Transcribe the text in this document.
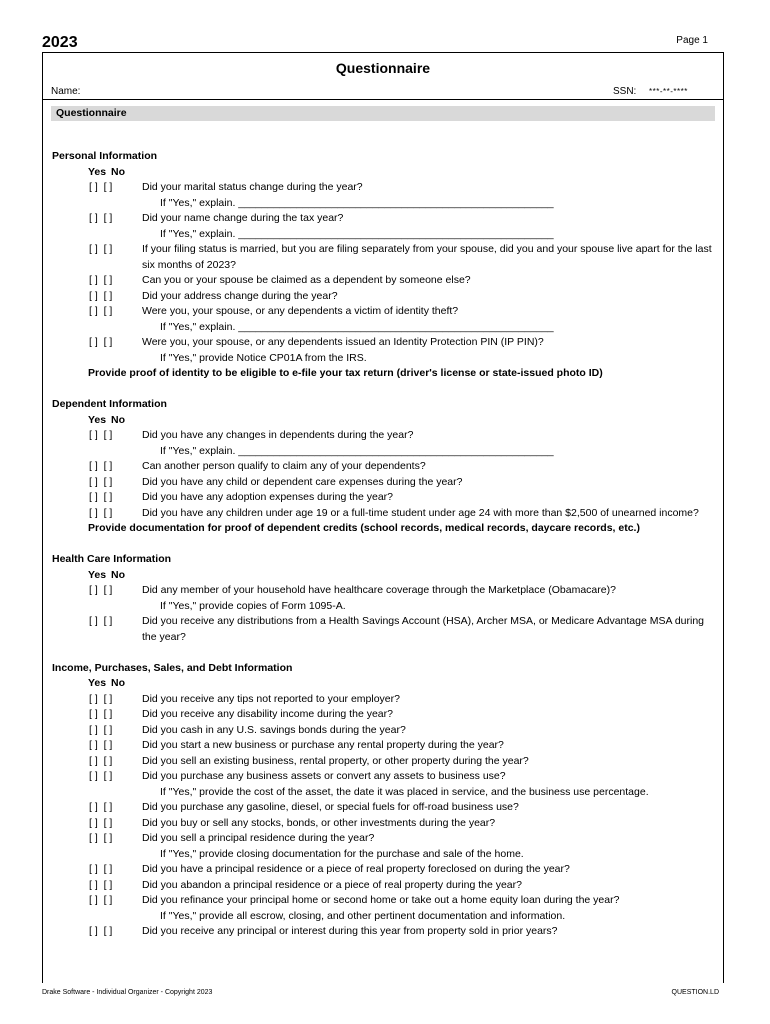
2023	Page 1
Questionnaire
Name:	SSN: ***-**-****
Questionnaire
Personal Information
Yes No
[ ]  [ ]	Did your marital status change during the year?
If "Yes," explain. ______________________________________________________
[ ]  [ ]	Did your name change during the tax year?
If "Yes," explain. ______________________________________________________
[ ]  [ ]	If your filing status is married, but you are filing separately from your spouse, did you and your spouse live apart for the last six months of 2023?
[ ]  [ ]	Can you or your spouse be claimed as a dependent by someone else?
[ ]  [ ]	Did your address change during the year?
[ ]  [ ]	Were you, your spouse, or any dependents a victim of identity theft?
If "Yes," explain. ______________________________________________________
[ ]  [ ]	Were you, your spouse, or any dependents issued an Identity Protection PIN (IP PIN)?
If "Yes," provide Notice CP01A from the IRS.
Provide proof of identity to be eligible to e-file your tax return (driver's license or state-issued photo ID)
Dependent Information
Yes No
[ ]  [ ]	Did you have any changes in dependents during the year?
If "Yes," explain. ______________________________________________________
[ ]  [ ]	Can another person qualify to claim any of your dependents?
[ ]  [ ]	Did you have any child or dependent care expenses during the year?
[ ]  [ ]	Did you have any adoption expenses during the year?
[ ]  [ ]	Did you have any children under age 19 or a full-time student under age 24 with more than $2,500 of unearned income?
Provide documentation for proof of dependent credits (school records, medical records, daycare records, etc.)
Health Care Information
Yes No
[ ]  [ ]	Did any member of your household have healthcare coverage through the Marketplace (Obamacare)?
If "Yes," provide copies of Form 1095-A.
[ ]  [ ]	Did you receive any distributions from a Health Savings Account (HSA), Archer MSA, or Medicare Advantage MSA during the year?
Income, Purchases, Sales, and Debt Information
Yes No
[ ]  [ ]	Did you receive any tips not reported to your employer?
[ ]  [ ]	Did you receive any disability income during the year?
[ ]  [ ]	Did you cash in any U.S. savings bonds during the year?
[ ]  [ ]	Did you start a new business or purchase any rental property during the year?
[ ]  [ ]	Did you sell an existing business, rental property, or other property during the year?
[ ]  [ ]	Did you purchase any business assets or convert any assets to business use?
If "Yes," provide the cost of the asset, the date it was placed in service, and the business use percentage.
[ ]  [ ]	Did you purchase any gasoline, diesel, or special fuels for off-road business use?
[ ]  [ ]	Did you buy or sell any stocks, bonds, or other investments during the year?
[ ]  [ ]	Did you sell a principal residence during the year?
If "Yes," provide closing documentation for the purchase and sale of the home.
[ ]  [ ]	Did you have a principal residence or a piece of real property foreclosed on during the year?
[ ]  [ ]	Did you abandon a principal residence or a piece of real property during the year?
[ ]  [ ]	Did you refinance your principal home or second home or take out a home equity loan during the year?
If "Yes," provide all escrow, closing, and other pertinent documentation and information.
[ ]  [ ]	Did you receive any principal or interest during this year from property sold in prior years?
Drake Software - Individual Organizer - Copyright 2023	QUESTION.LD
